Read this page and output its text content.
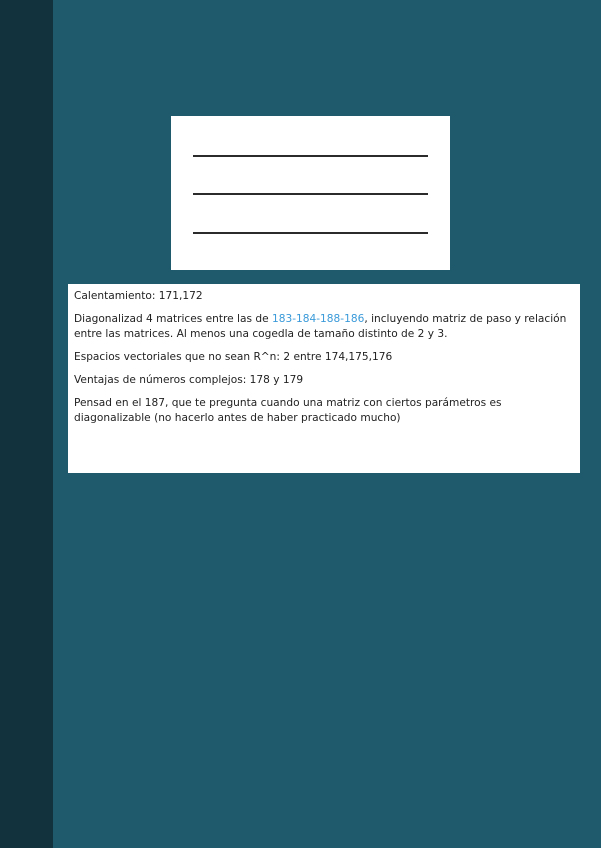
Calentamiento: 171,172

Diagonalizad 4 matrices entre las de 183-184-188-186, incluyendo matriz de paso y relación entre las matrices. Al menos una cogedla de tamaño distinto de 2 y 3.

Espacios vectoriales que no sean R^n: 2 entre 174,175,176

Ventajas de números complejos: 178 y 179

Pensad en el 187, que te pregunta cuando una matriz con ciertos parámetros es diagonalizable (no hacerlo antes de haber practicado mucho)
